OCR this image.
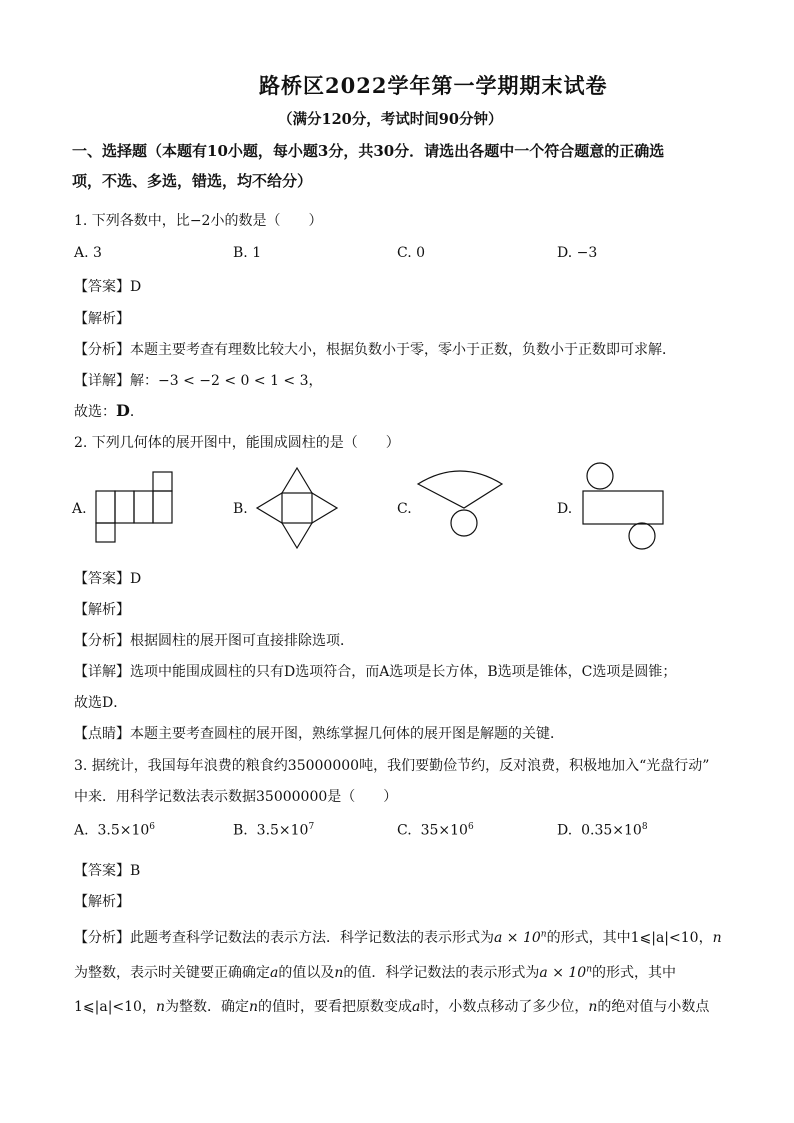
路桥区2022学年第一学期期末试卷
（满分120分，考试时间90分钟）
一、选择题（本题有10小题，每小题3分，共30分．请选出各题中一个符合题意的正确选
项，不选、多选，错选，均不给分）
1. 下列各数中，比−2小的数是（　　）
A. 3	B. 1	C. 0	D. −3
【答案】D
【解析】
【分析】本题主要考查有理数比较大小，根据负数小于零，零小于正数，负数小于正数即可求解．
【详解】解：−3 < −2 < 0 < 1 < 3，
故选：D．
2. 下列几何体的展开图中，能围成圆柱的是（　　）
A.	B.	C.	D.
【答案】D
【解析】
【分析】根据圆柱的展开图可直接排除选项．
【详解】选项中能围成圆柱的只有D选项符合，而A选项是长方体，B选项是锥体，C选项是圆锥；
故选D．
【点睛】本题主要考查圆柱的展开图，熟练掌握几何体的展开图是解题的关键．
3. 据统计，我国每年浪费的粮食约35000000吨，我们要勤俭节约，反对浪费，积极地加入“光盘行动”
中来．用科学记数法表示数据35000000是（　　）
A. $3.5\times 10^6$	B. $3.5\times 10^7$	C. $35\times 10^6$	D. $0.35\times 10^8$
【答案】B
【解析】
【分析】此题考查科学记数法的表示方法．科学记数法的表示形式为$a \times 10^n$的形式，其中1⩽|a|<10，n
为整数，表示时关键要正确确定a的值以及n的值．科学记数法的表示形式为$a \times 10^n$的形式，其中
1⩽|a|<10，n为整数．确定n的值时，要看把原数变成a时，小数点移动了多少位，n的绝对值与小数点
